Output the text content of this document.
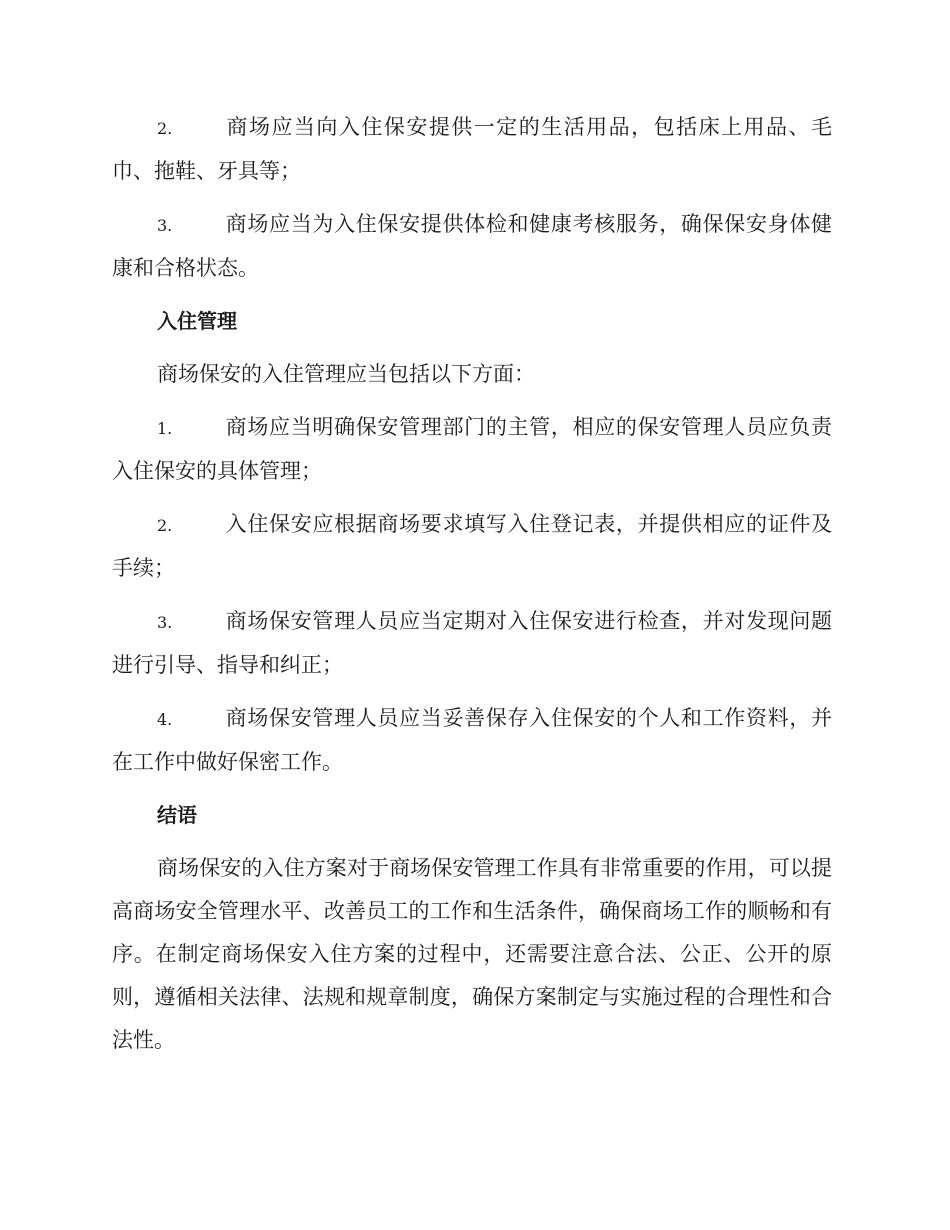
2.	商场应当向入住保安提供一定的生活用品，包括床上用品、毛巾、拖鞋、牙具等；

3.	商场应当为入住保安提供体检和健康考核服务，确保保安身体健康和合格状态。

入住管理

商场保安的入住管理应当包括以下方面：

1.	商场应当明确保安管理部门的主管，相应的保安管理人员应负责入住保安的具体管理；

2.	入住保安应根据商场要求填写入住登记表，并提供相应的证件及手续；

3.	商场保安管理人员应当定期对入住保安进行检查，并对发现问题进行引导、指导和纠正；

4.	商场保安管理人员应当妥善保存入住保安的个人和工作资料，并在工作中做好保密工作。

结语

商场保安的入住方案对于商场保安管理工作具有非常重要的作用，可以提高商场安全管理水平、改善员工的工作和生活条件，确保商场工作的顺畅和有序。在制定商场保安入住方案的过程中，还需要注意合法、公正、公开的原则，遵循相关法律、法规和规章制度，确保方案制定与实施过程的合理性和合法性。
